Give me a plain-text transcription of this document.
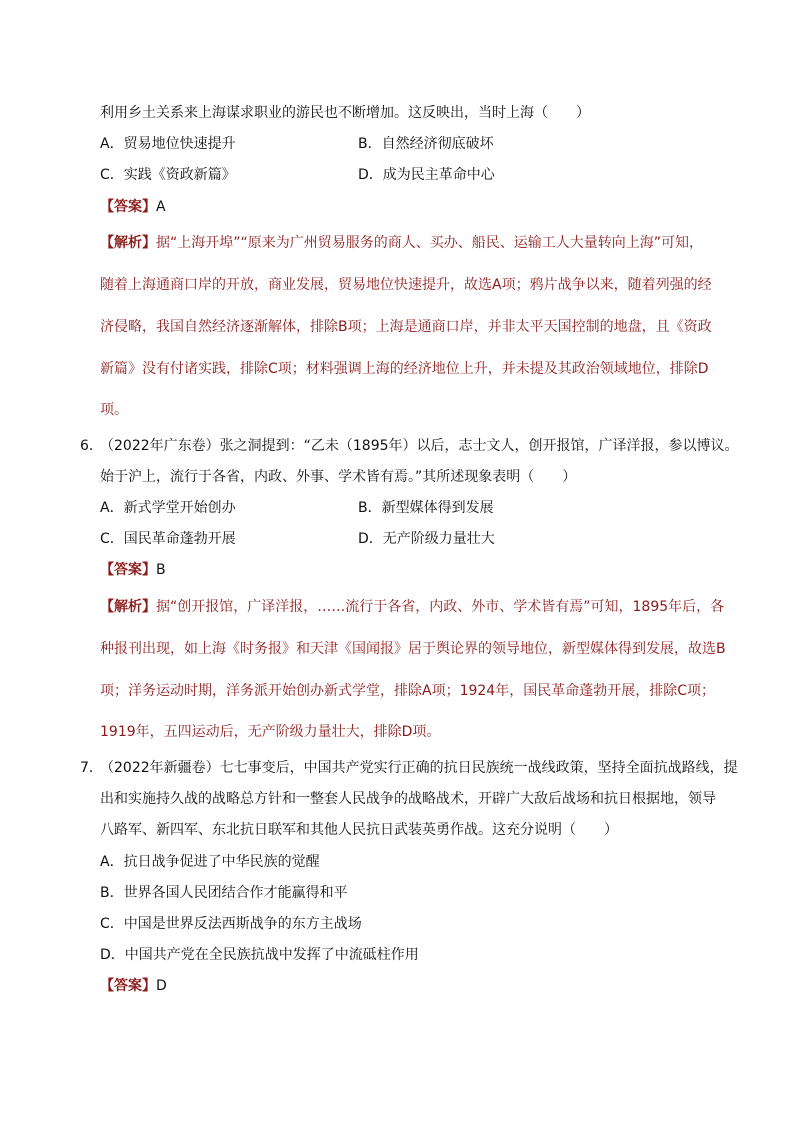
利用乡土关系来上海谋求职业的游民也不断增加。这反映出，当时上海（　　）
A．贸易地位快速提升	B．自然经济彻底破坏
C．实践《资政新篇》	D．成为民主革命中心
【答案】A
【解析】据“上海开埠”“原来为广州贸易服务的商人、买办、船民、运输工人大量转向上海”可知，
随着上海通商口岸的开放，商业发展，贸易地位快速提升，故选A项；鸦片战争以来，随着列强的经
济侵略，我国自然经济逐渐解体，排除B项；上海是通商口岸，并非太平天国控制的地盘，且《资政
新篇》没有付诸实践，排除C项；材料强调上海的经济地位上升，并未提及其政治领域地位，排除D
项。
6．
（2022年广东卷）张之洞提到：“乙未（1895年）以后，志士文人，创开报馆，广译洋报，参以博议。
始于沪上，流行于各省，内政、外事、学术皆有焉。”其所述现象表明（　　）
A．新式学堂开始创办	B．新型媒体得到发展
C．国民革命蓬勃开展	D．无产阶级力量壮大
【答案】B
【解析】据“创开报馆，广译洋报，……流行于各省，内政、外市、学术皆有焉”可知，1895年后，各
种报刊出现，如上海《时务报》和天津《国闻报》居于舆论界的领导地位，新型媒体得到发展，故选B
项；洋务运动时期，洋务派开始创办新式学堂，排除A项；1924年，国民革命蓬勃开展，排除C项；
1919年，五四运动后，无产阶级力量壮大，排除D项。
7．
（2022年新疆卷）七七事变后，中国共产党实行正确的抗日民族统一战线政策，坚持全面抗战路线，提
出和实施持久战的战略总方针和一整套人民战争的战略战术，开辟广大敌后战场和抗日根据地，领导
八路军、新四军、东北抗日联军和其他人民抗日武装英勇作战。这充分说明（　　）
A．抗日战争促进了中华民族的觉醒
B．世界各国人民团结合作才能赢得和平
C．中国是世界反法西斯战争的东方主战场
D．中国共产党在全民族抗战中发挥了中流砥柱作用
【答案】D
